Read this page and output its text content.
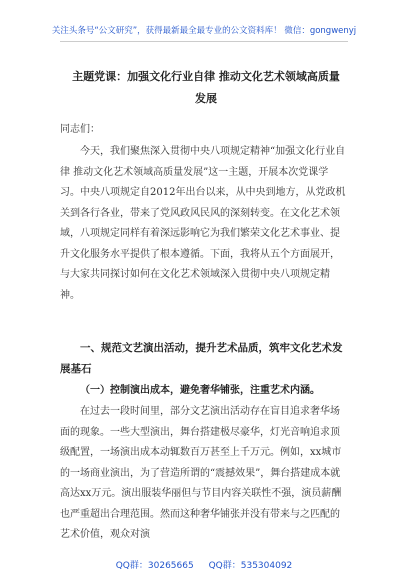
关注头条号“公文研究”，获得最新最全最专业的公文资料库！ 微信：gongwenyj
主题党课：加强文化行业自律 推动文化艺术领域高质量发展
同志们：
今天，我们聚焦深入贯彻中央八项规定精神“加强文化行业自律 推动文化艺术领域高质量发展”这一主题，开展本次党课学习。中央八项规定自2012年出台以来，从中央到地方，从党政机关到各行各业，带来了党风政风民风的深刻转变。在文化艺术领域，八项规定同样有着深远影响它为我们繁荣文化艺术事业、提升文化服务水平提供了根本遵循。下面，我将从五个方面展开，与大家共同探讨如何在文化艺术领域深入贯彻中央八项规定精神。
一、规范文艺演出活动，提升艺术品质，筑牢文化艺术发展基石
（一）控制演出成本，避免奢华铺张，注重艺术内涵。
在过去一段时间里，部分文艺演出活动存在盲目追求奢华场面的现象。一些大型演出，舞台搭建极尽豪华，灯光音响追求顶级配置，一场演出成本动辄数百万甚至上千万元。例如，xx城市的一场商业演出，为了营造所谓的“震撼效果”，舞台搭建成本就高达xx万元。演出服装华丽但与节目内容关联性不强，演员薪酬也严重超出合理范围。然而这种奢华铺张并没有带来与之匹配的艺术价值，观众对演
QQ群：30265665 QQ群：535304092
